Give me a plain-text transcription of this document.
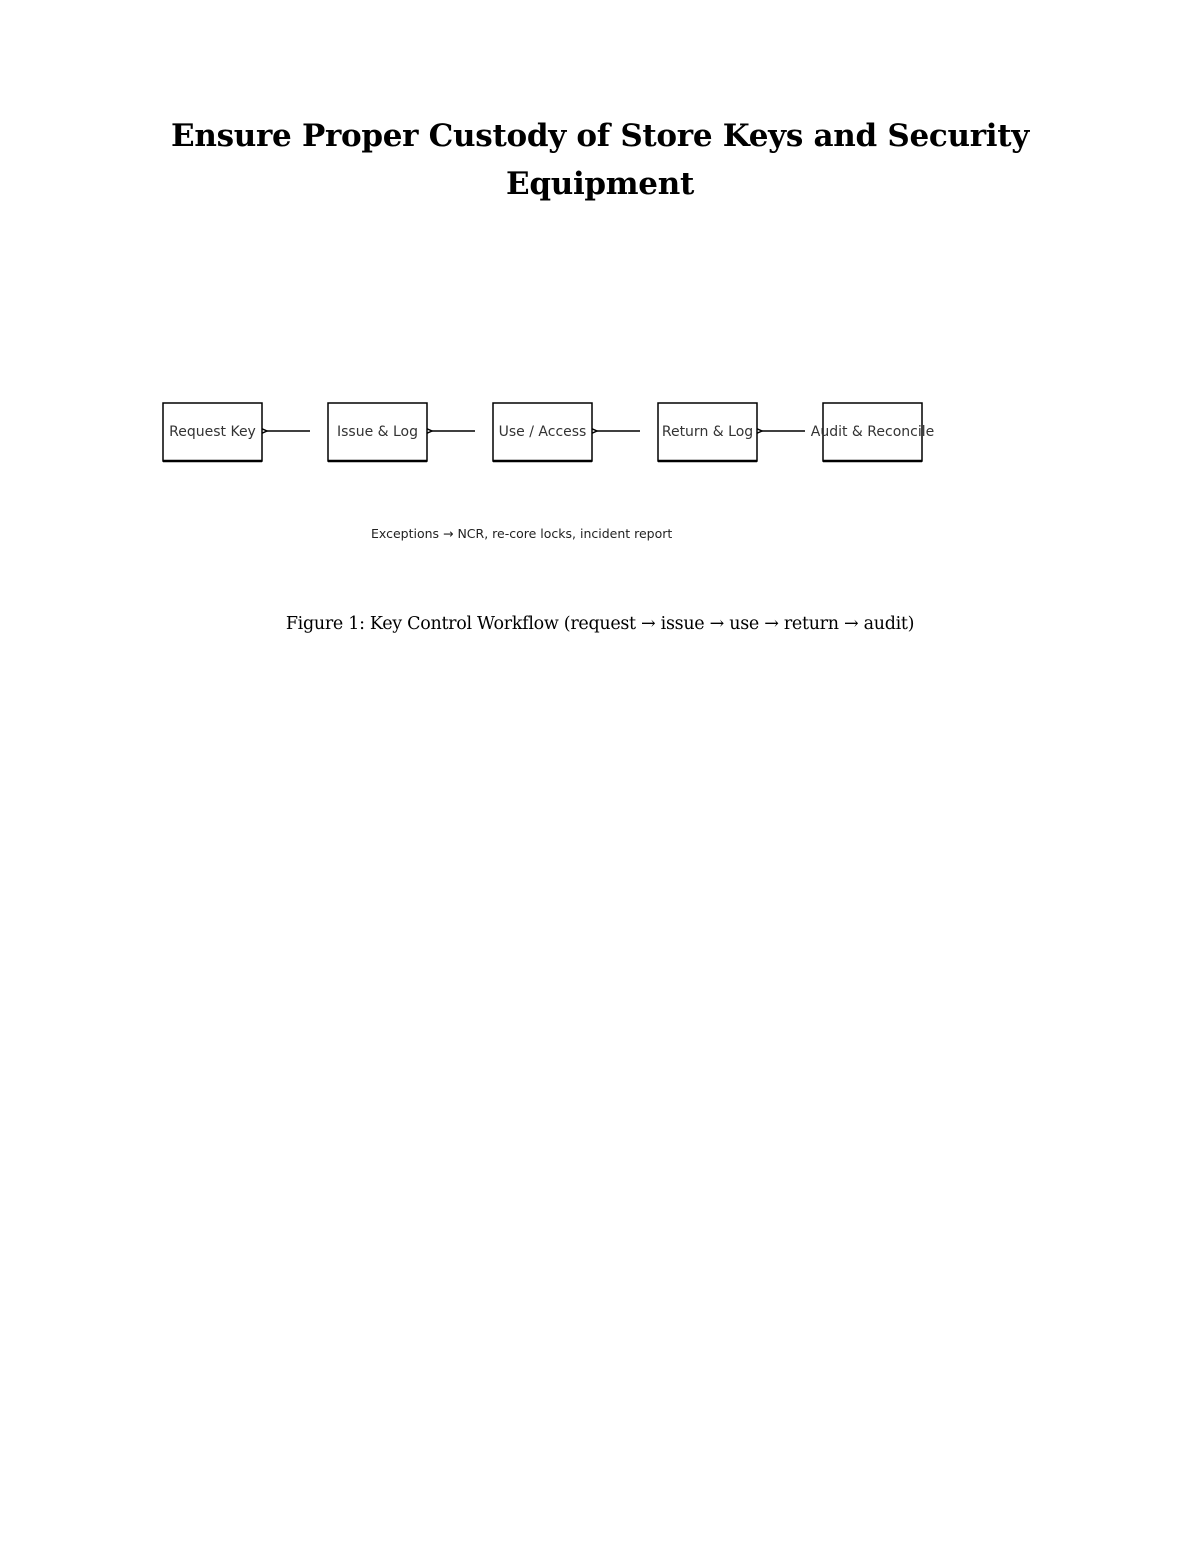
Ensure Proper Custody of Store Keys and Security Equipment
Request Key	Issue & Log	Use / Access	Return & Log	Audit & Reconcile
Exceptions → NCR, re-core locks, incident report

Figure 1: Key Control Workflow (request → issue → use → return → audit)
